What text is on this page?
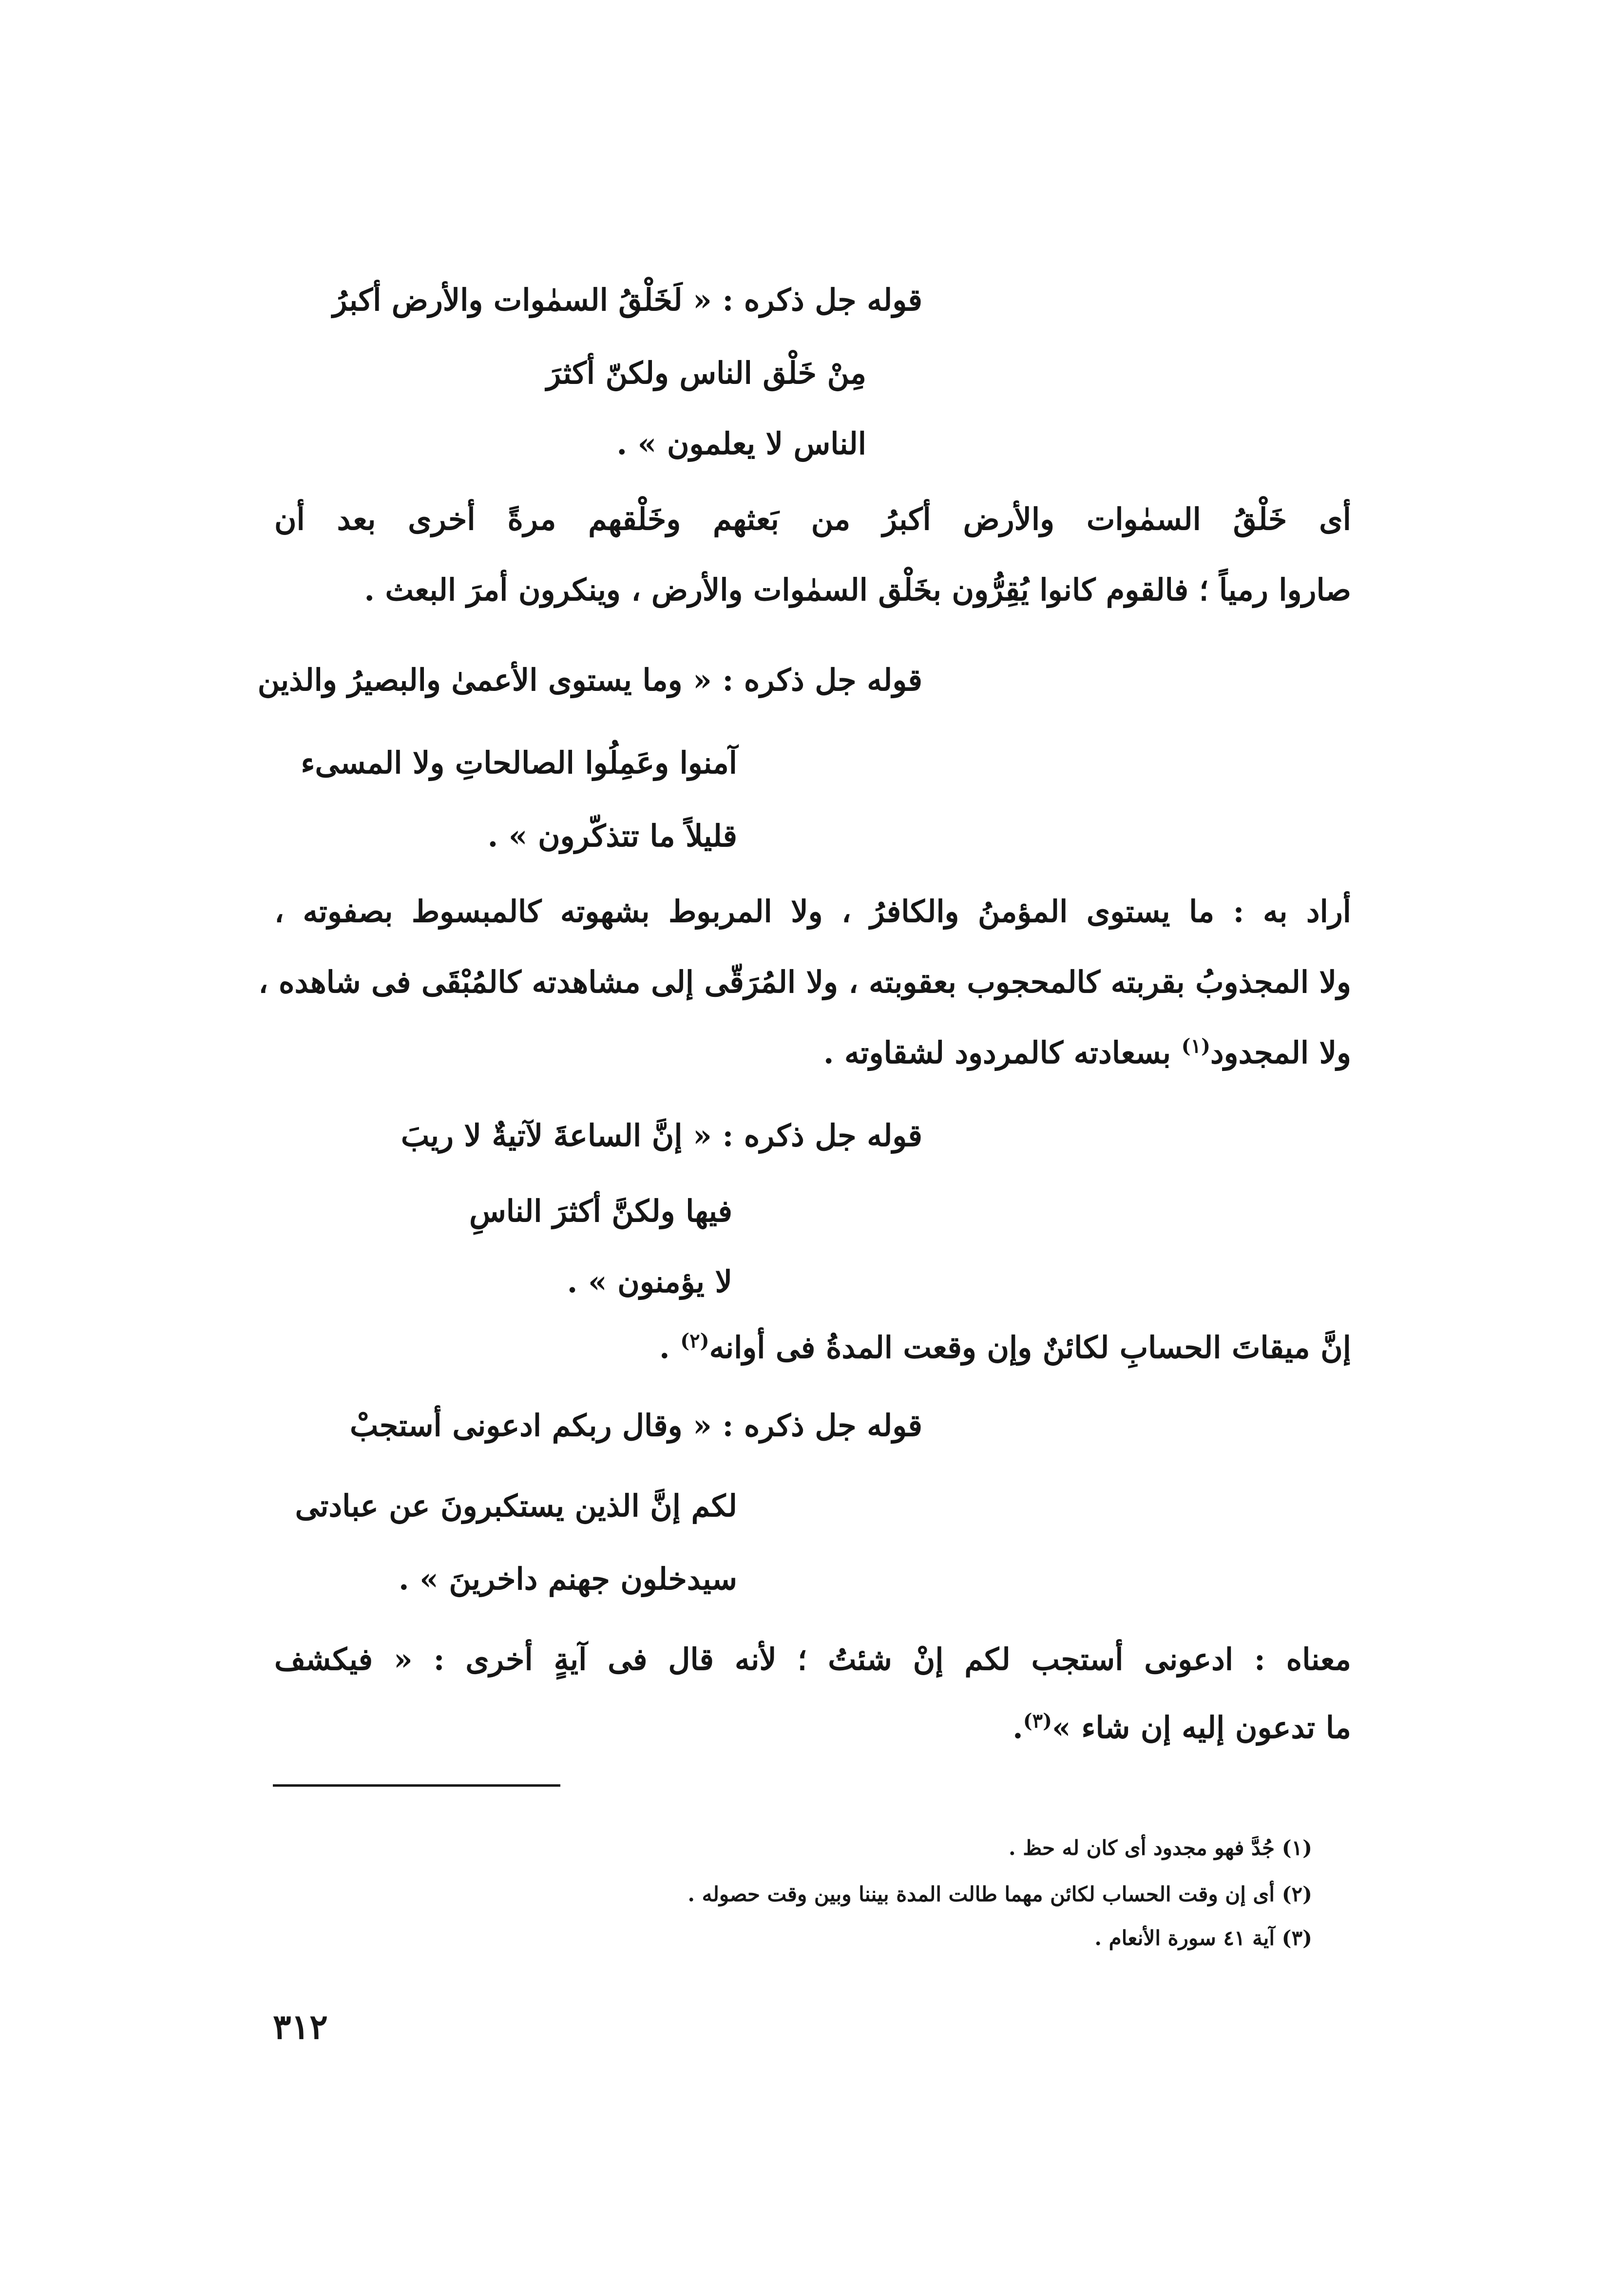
قوله جل ذكره : « لَخَلْقُ السمٰوات والأرض أكبرُ

مِنْ خَلْق الناس ولكنّ أكثرَ

الناس لا يعلمون » .

أى خَلْقُ السمٰوات والأرض أكبرُ من بَعثهم وخَلْقهم مرةً أخرى بعد أن

صاروا رمياً ؛ فالقوم كانوا يُقِرُّون بخَلْق السمٰوات والأرض ، وينكرون أمرَ البعث .

قوله جل ذكره : « وما يستوى الأعمىٰ والبصيرُ والذين

آمنوا وعَمِلُوا الصالحاتِ ولا المسىء

قليلاً ما تتذكّرون » .

أراد به : ما يستوى المؤمنُ والكافرُ ، ولا المربوط بشهوته كالمبسوط بصفوته ،

ولا المجذوبُ بقربته كالمحجوب بعقوبته ، ولا المُرَقّى إلى مشاهدته كالمُبْقَى فى شاهده ،

ولا المجدود$^{(١)}$ بسعادته كالمردود لشقاوته .

قوله جل ذكره : « إنَّ الساعةَ لآتيةٌ لا ريبَ

فيها ولكنَّ أكثرَ الناسِ

لا يؤمنون » .

إنَّ ميقاتَ الحسابِ لكائنٌ وإن وقعت المدةُ فى أوانه$^{(٢)}$ .

قوله جل ذكره : « وقال ربكم ادعونى أستجبْ

لكم إنَّ الذين يستكبرونَ عن عبادتى

سيدخلون جهنم داخرينَ » .

معناه : ادعونى أستجب لكم إنْ شئتُ ؛ لأنه قال فى آيةٍ أخرى : « فيكشف

ما تدعون إليه إن شاء »$^{(٣)}$.

(١) جُدَّ فهو مجدود أى كان له حظ .

(٢) أى إن وقت الحساب لكائن مهما طالت المدة بيننا وبين وقت حصوله .

(٣) آية ٤١ سورة الأنعام .

٣١٢
